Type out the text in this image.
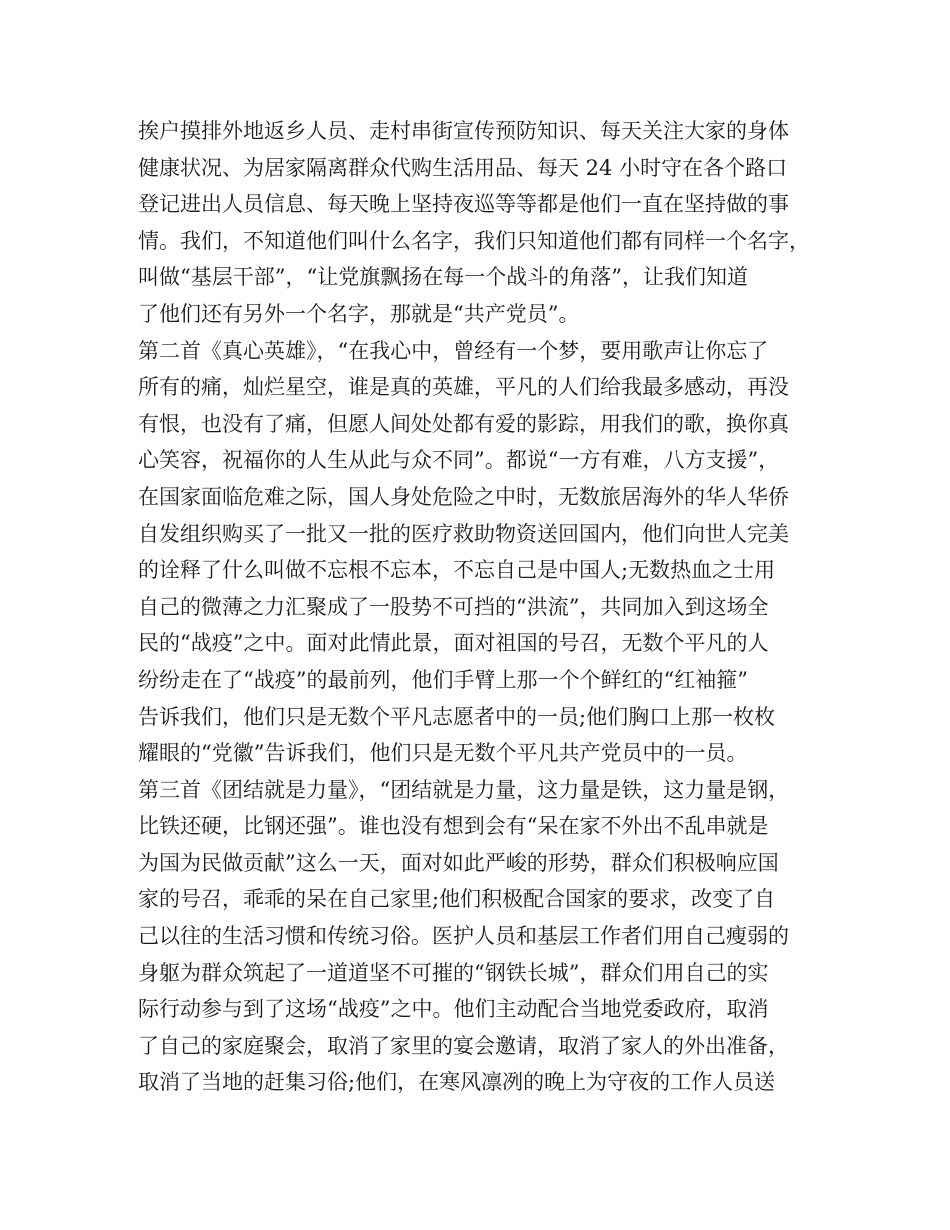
挨户摸排外地返乡人员、走村串街宣传预防知识、每天关注大家的身体
健康状况、为居家隔离群众代购生活用品、每天 24 小时守在各个路口
登记进出人员信息、每天晚上坚持夜巡等等都是他们一直在坚持做的事
情。我们，不知道他们叫什么名字，我们只知道他们都有同样一个名字，
叫做“基层干部”，“让党旗飘扬在每一个战斗的角落”，让我们知道
了他们还有另外一个名字，那就是“共产党员”。
第二首《真心英雄》，“在我心中，曾经有一个梦，要用歌声让你忘了
所有的痛，灿烂星空，谁是真的英雄，平凡的人们给我最多感动，再没
有恨，也没有了痛，但愿人间处处都有爱的影踪，用我们的歌，换你真
心笑容，祝福你的人生从此与众不同”。都说“一方有难，八方支援”，
在国家面临危难之际，国人身处危险之中时，无数旅居海外的华人华侨
自发组织购买了一批又一批的医疗救助物资送回国内，他们向世人完美
的诠释了什么叫做不忘根不忘本，不忘自己是中国人;无数热血之士用
自己的微薄之力汇聚成了一股势不可挡的“洪流”，共同加入到这场全
民的“战疫”之中。面对此情此景，面对祖国的号召，无数个平凡的人
纷纷走在了“战疫”的最前列，他们手臂上那一个个鲜红的“红袖箍”
告诉我们，他们只是无数个平凡志愿者中的一员;他们胸口上那一枚枚
耀眼的“党徽”告诉我们，他们只是无数个平凡共产党员中的一员。
第三首《团结就是力量》，“团结就是力量，这力量是铁，这力量是钢，
比铁还硬，比钢还强”。谁也没有想到会有“呆在家不外出不乱串就是
为国为民做贡献”这么一天，面对如此严峻的形势，群众们积极响应国
家的号召，乖乖的呆在自己家里;他们积极配合国家的要求，改变了自
己以往的生活习惯和传统习俗。医护人员和基层工作者们用自己瘦弱的
身躯为群众筑起了一道道坚不可摧的“钢铁长城”，群众们用自己的实
际行动参与到了这场“战疫”之中。他们主动配合当地党委政府，取消
了自己的家庭聚会，取消了家里的宴会邀请，取消了家人的外出准备，
取消了当地的赶集习俗;他们，在寒风凛冽的晚上为守夜的工作人员送
